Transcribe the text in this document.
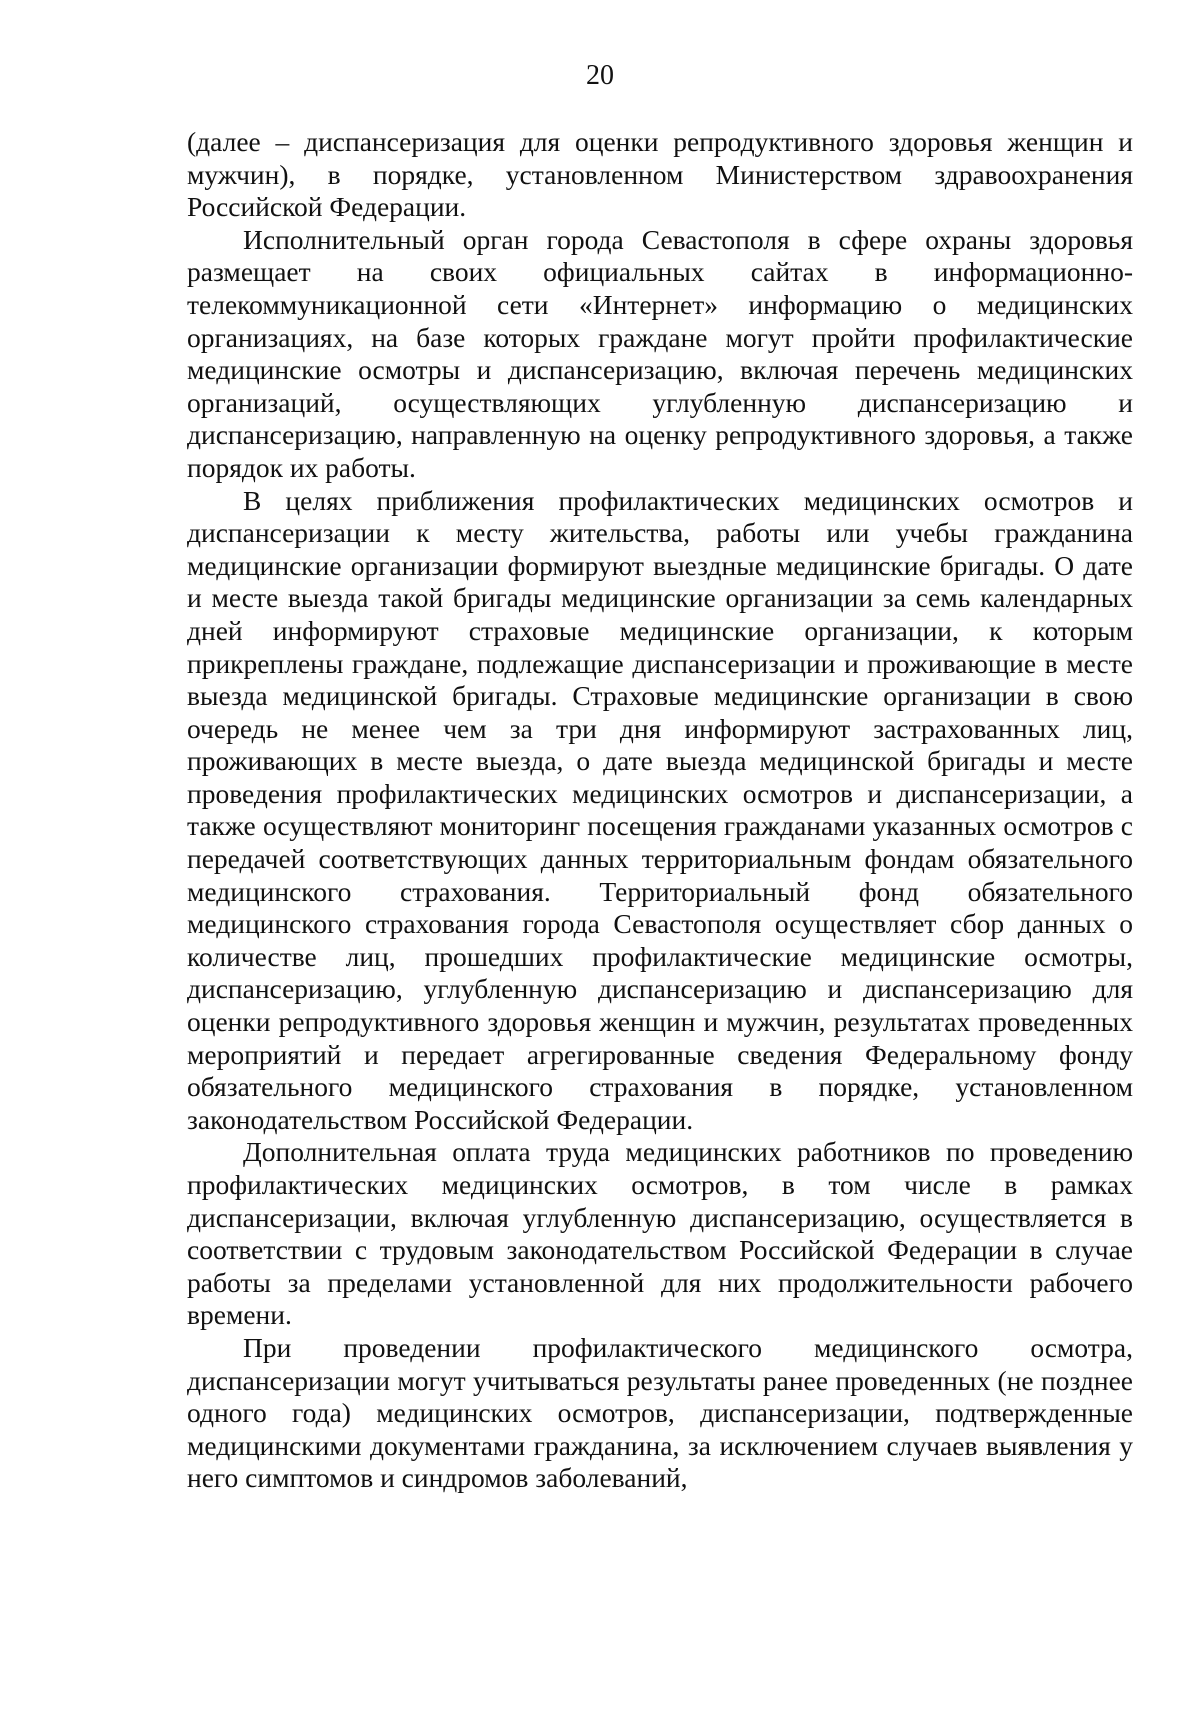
20

(далее – диспансеризация для оценки репродуктивного здоровья женщин и мужчин), в порядке, установленном Министерством здравоохранения Российской Федерации.

Исполнительный орган города Севастополя в сфере охраны здоровья размещает на своих официальных сайтах в информационно-телекоммуникационной сети «Интернет» информацию о медицинских организациях, на базе которых граждане могут пройти профилактические медицинские осмотры и диспансеризацию, включая перечень медицинских организаций, осуществляющих углубленную диспансеризацию и диспансеризацию, направленную на оценку репродуктивного здоровья, а также порядок их работы.

В целях приближения профилактических медицинских осмотров и диспансеризации к месту жительства, работы или учебы гражданина медицинские организации формируют выездные медицинские бригады. О дате и месте выезда такой бригады медицинские организации за семь календарных дней информируют страховые медицинские организации, к которым прикреплены граждане, подлежащие диспансеризации и проживающие в месте выезда медицинской бригады. Страховые медицинские организации в свою очередь не менее чем за три дня информируют застрахованных лиц, проживающих в месте выезда, о дате выезда медицинской бригады и месте проведения профилактических медицинских осмотров и диспансеризации, а также осуществляют мониторинг посещения гражданами указанных осмотров с передачей соответствующих данных территориальным фондам обязательного медицинского страхования. Территориальный фонд обязательного медицинского страхования города Севастополя осуществляет сбор данных о количестве лиц, прошедших профилактические медицинские осмотры, диспансеризацию, углубленную диспансеризацию и диспансеризацию для оценки репродуктивного здоровья женщин и мужчин, результатах проведенных мероприятий и передает агрегированные сведения Федеральному фонду обязательного медицинского страхования в порядке, установленном законодательством Российской Федерации.

Дополнительная оплата труда медицинских работников по проведению профилактических медицинских осмотров, в том числе в рамках диспансеризации, включая углубленную диспансеризацию, осуществляется в соответствии с трудовым законодательством Российской Федерации в случае работы за пределами установленной для них продолжительности рабочего времени.

При проведении профилактического медицинского осмотра, диспансеризации могут учитываться результаты ранее проведенных (не позднее одного года) медицинских осмотров, диспансеризации, подтвержденные медицинскими документами гражданина, за исключением случаев выявления у него симптомов и синдромов заболеваний,
